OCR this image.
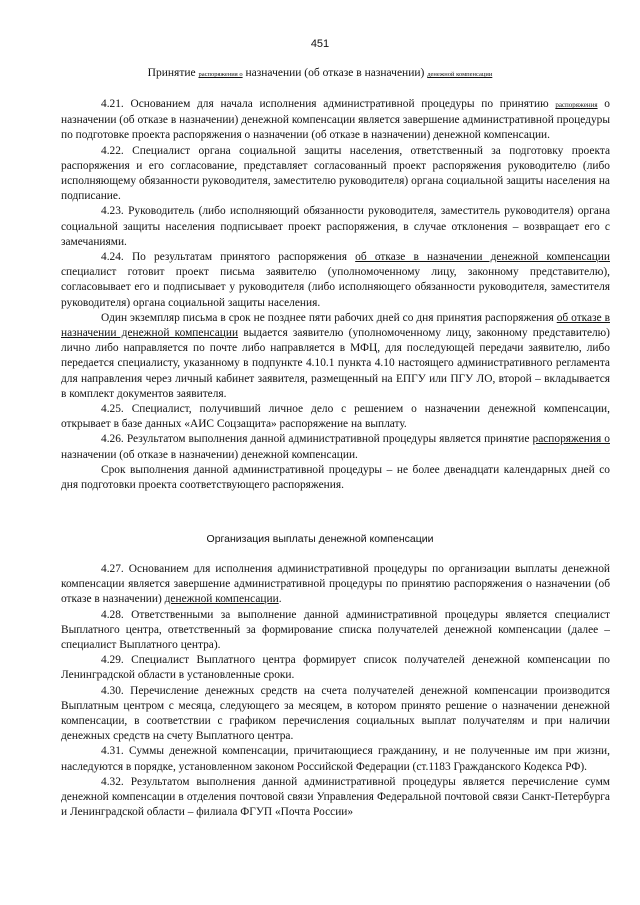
451
Принятие распоряжения о назначении (об отказе в назначении) денежной компенсации

4.21. Основанием для начала исполнения административной процедуры по принятию распоряжения о назначении (об отказе в назначении) денежной компенсации является завершение административной процедуры по подготовке проекта распоряжения о назначении (об отказе в назначении) денежной компенсации.

4.22. Специалист органа социальной защиты населения, ответственный за подготовку проекта распоряжения и его согласование, представляет согласованный проект распоряжения руководителю (либо исполняющему обязанности руководителя, заместителю руководителя) органа социальной защиты населения на подписание.

4.23. Руководитель (либо исполняющий обязанности руководителя, заместитель руководителя) органа социальной защиты населения подписывает проект распоряжения, в случае отклонения – возвращает его с замечаниями.

4.24. По результатам принятого распоряжения об отказе в назначении денежной компенсации специалист готовит проект письма заявителю (уполномоченному лицу, законному представителю), согласовывает его и подписывает у руководителя (либо исполняющего обязанности руководителя, заместителя руководителя) органа социальной защиты населения.

Один экземпляр письма в срок не позднее пяти рабочих дней со дня принятия распоряжения об отказе в назначении денежной компенсации выдается заявителю (уполномоченному лицу, законному представителю) лично либо направляется по почте либо направляется в МФЦ, для последующей передачи заявителю, либо передается специалисту, указанному в подпункте 4.10.1 пункта 4.10 настоящего административного регламента для направления через личный кабинет заявителя, размещенный на ЕПГУ или ПГУ ЛО, второй – вкладывается в комплект документов заявителя.

4.25. Специалист, получивший личное дело с решением о назначении денежной компенсации, открывает в базе данных «АИС Соцзащита» распоряжение на выплату.

4.26. Результатом выполнения данной административной процедуры является принятие распоряжения о назначении (об отказе в назначении) денежной компенсации.

Срок выполнения данной административной процедуры – не более двенадцати календарных дней со дня подготовки проекта соответствующего распоряжения.

Организация выплаты денежной компенсации

4.27. Основанием для исполнения административной процедуры по организации выплаты денежной компенсации является завершение административной процедуры по принятию распоряжения о назначении (об отказе в назначении) денежной компенсации.

4.28. Ответственными за выполнение данной административной процедуры является специалист Выплатного центра, ответственный за формирование списка получателей денежной компенсации (далее – специалист Выплатного центра).

4.29. Специалист Выплатного центра формирует список получателей денежной компенсации по Ленинградской области в установленные сроки.

4.30. Перечисление денежных средств на счета получателей денежной компенсации производится Выплатным центром с месяца, следующего за месяцем, в котором принято решение о назначении денежной компенсации, в соответствии с графиком перечисления социальных выплат получателям и при наличии денежных средств на счету Выплатного центра.

4.31. Суммы денежной компенсации, причитающиеся гражданину, и не полученные им при жизни, наследуются в порядке, установленном законом Российской Федерации (ст.1183 Гражданского Кодекса РФ).

4.32. Результатом выполнения данной административной процедуры является перечисление сумм денежной компенсации в отделения почтовой связи Управления Федеральной почтовой связи Санкт-Петербурга и Ленинградской области – филиала ФГУП «Почта России»
